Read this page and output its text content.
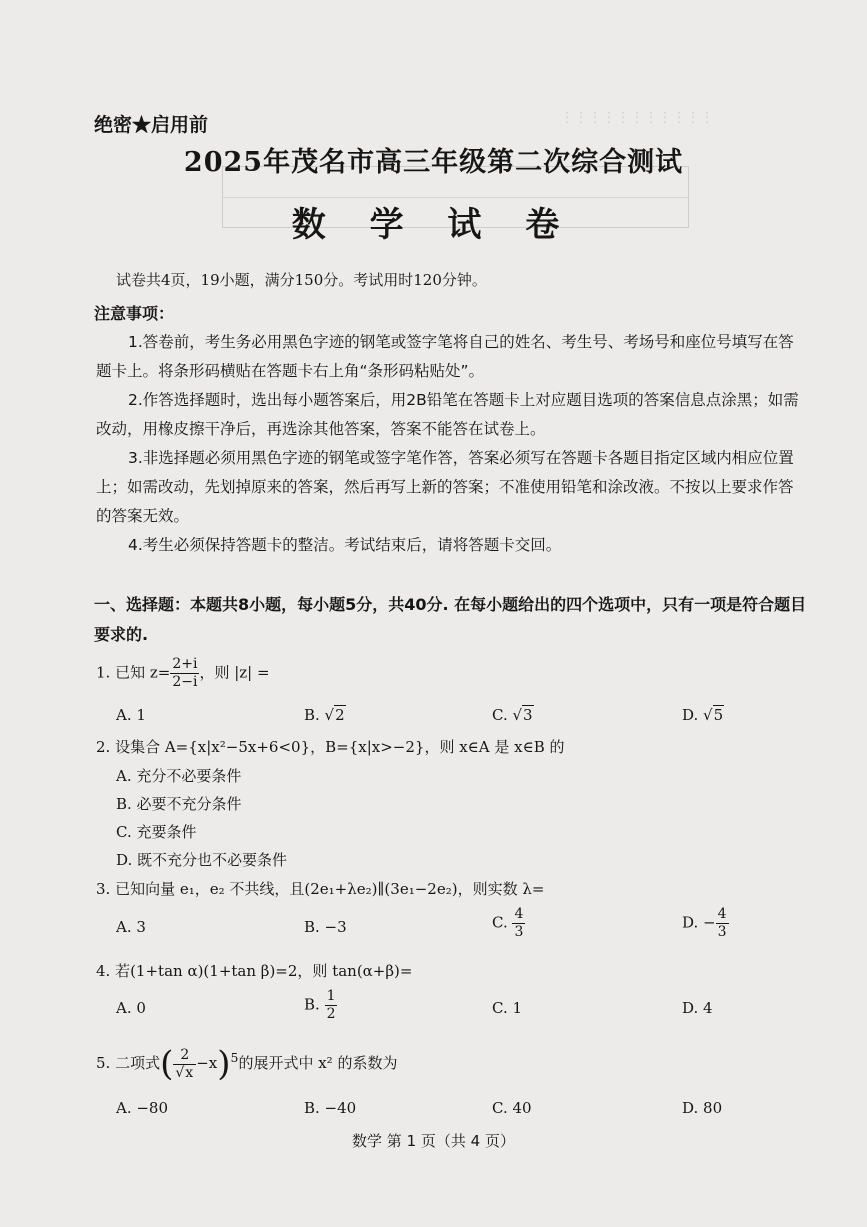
︙︙︙︙︙︙︙︙︙︙︙
绝密★启用前
2025年茂名市高三年级第二次综合测试
数 学 试 卷
试卷共4页，19小题，满分150分。考试用时120分钟。
注意事项：
1.答卷前，考生务必用黑色字迹的钢笔或签字笔将自己的姓名、考生号、考场号和座位号填写在答题卡上。将条形码横贴在答题卡右上角“条形码粘贴处”。
2.作答选择题时，选出每小题答案后，用2B铅笔在答题卡上对应题目选项的答案信息点涂黑；如需改动，用橡皮擦干净后，再选涂其他答案，答案不能答在试卷上。
3.非选择题必须用黑色字迹的钢笔或签字笔作答，答案必须写在答题卡各题目指定区域内相应位置上；如需改动，先划掉原来的答案，然后再写上新的答案；不准使用铅笔和涂改液。不按以上要求作答的答案无效。
4.考生必须保持答题卡的整洁。考试结束后，请将答题卡交回。
一、选择题：本题共8小题，每小题5分，共40分. 在每小题给出的四个选项中，只有一项是符合题目要求的.
1. 已知 $z= \frac{2+i}{2-i}$ ，则 |z| =
A. 1	B. √2	C. √3	D. √5
2. 设集合 A={x|x²−5x+6<0}，B={x|x>−2}，则 x∈A 是 x∈B 的
A. 充分不必要条件
B. 必要不充分条件
C. 充要条件
D. 既不充分也不必要条件
3. 已知向量 e₁，e₂ 不共线，且(2e₁+λe₂)∥(3e₁−2e₂)，则实数 λ=
A. 3	B. −3	C. $\frac{4}{3}$	D. − $\frac{4}{3}$
4. 若(1+tan α)(1+tan β)=2，则 tan(α+β)=
A. 0	B. $\frac{1}{2}$	C. 1	D. 4
5. 二项式( $\frac{2}{√x} -x)^5$的展开式中 x² 的系数为
A. −80	B. −40	C. 40	D. 80
数学 第 1 页（共 4 页）
